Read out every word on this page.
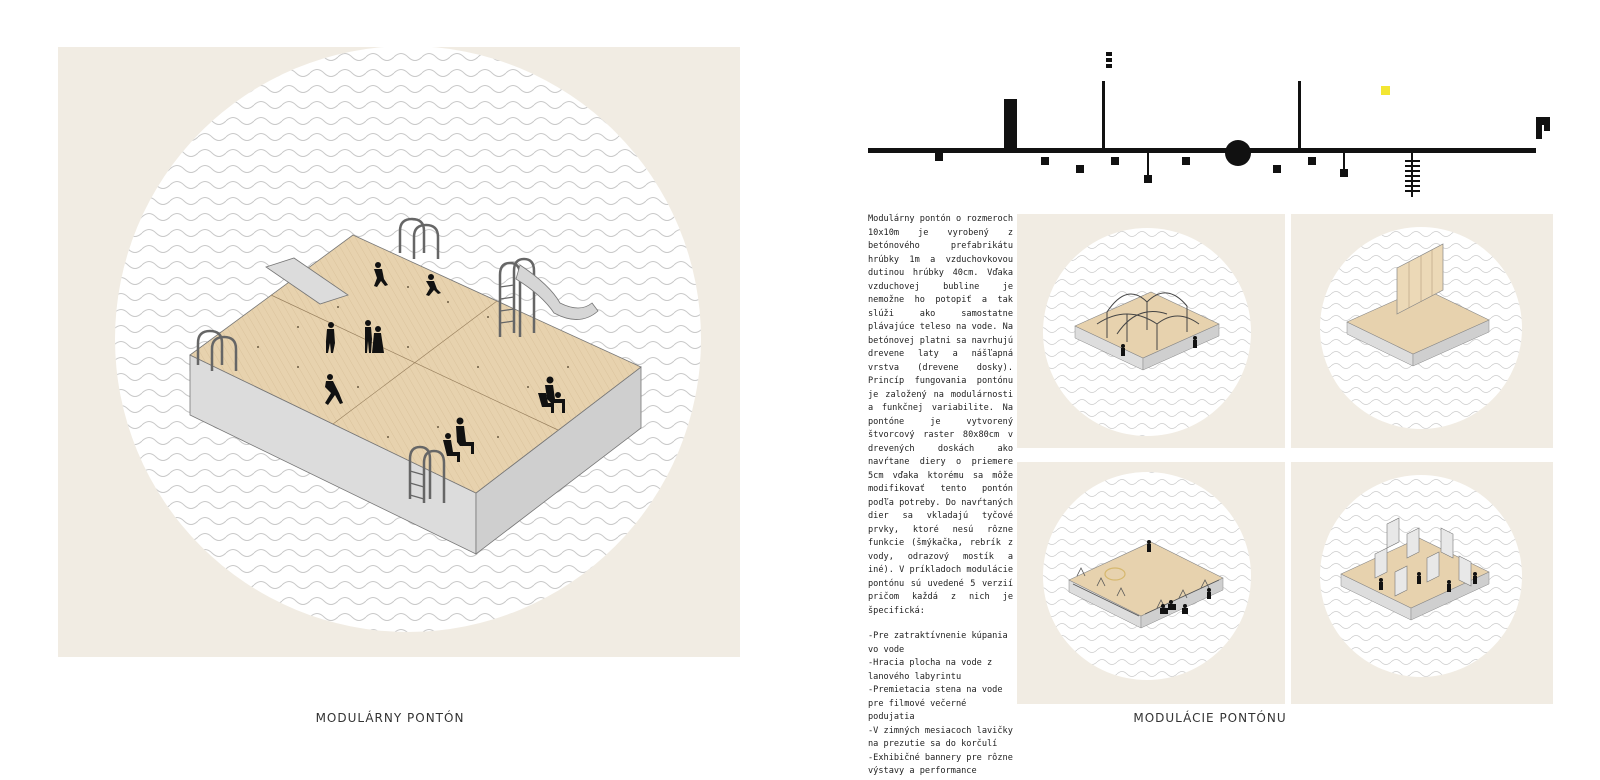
MODULÁRNY PONTÓN

Modulárny pontón o rozmeroch 10x10m je vyrobený z betónového prefabrikátu hrúbky 1m a vzduchovkovou dutinou hrúbky 40cm. Vďaka vzduchovej bubline je nemožne ho potopiť a tak slúži ako samostatne plávajúce teleso na vode. Na betónovej platni sa navrhujú drevene laty a nášľapná vrstva (drevene dosky). Princíp fungovania pontónu je založený na modulárnosti a funkčnej variabilite. Na pontóne je vytvorený štvorcový raster 80x80cm v drevených doskách ako navŕtane diery o priemere 5cm vďaka ktorému sa môže modifikovať tento pontón podľa potreby. Do navŕtaných dier sa vkladajú tyčové prvky, ktoré nesú rôzne funkcie (šmýkačka, rebrík z vody, odrazový mostík a iné). V príkladoch modulácie pontónu sú uvedené 5 verzií pričom každá z nich je špecifická:

-Pre zatraktívnenie kúpania vo vode
-Hracia plocha na vode z lanového labyrintu
-Premietacia stena na vode pre filmové večerné podujatia
-V zimných mesiacoch lavičky na prezutie sa do korčulí
-Exhibičné bannery pre rôzne výstavy a performance
MODULÁCIE PONTÓNU
